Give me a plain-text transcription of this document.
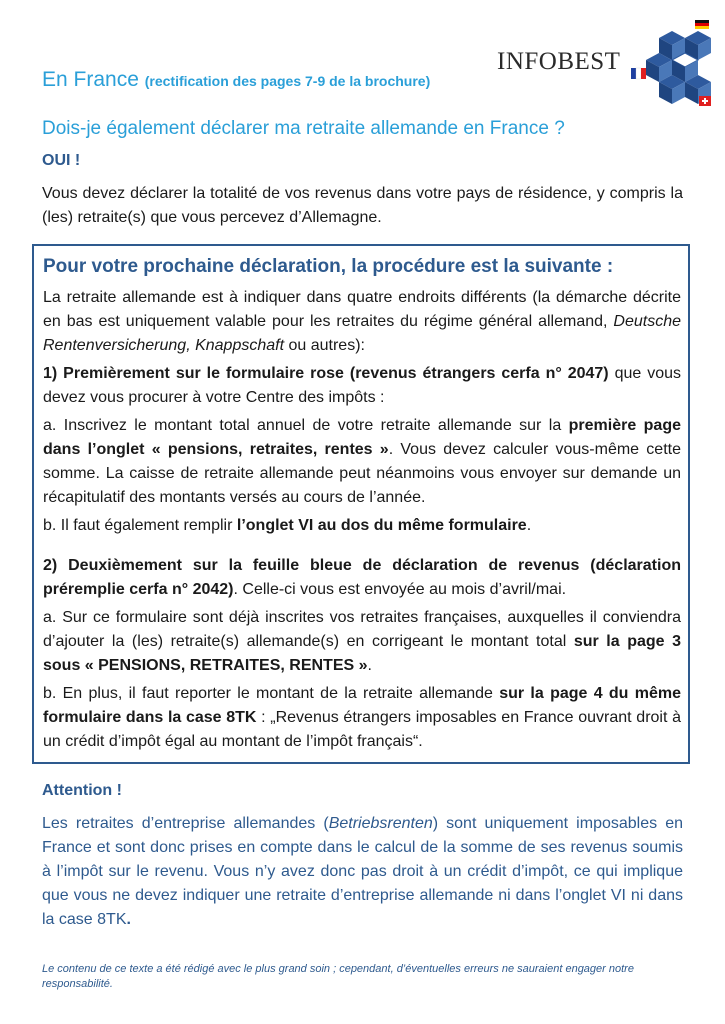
INFOBEST
En France (rectification des pages 7-9 de la brochure)
Dois-je également déclarer ma retraite allemande en France ?
OUI !
Vous devez déclarer la totalité de vos revenus dans votre pays de résidence, y compris la (les) retraite(s) que vous percevez d’Allemagne.
Pour votre prochaine déclaration, la procédure est la suivante :

La retraite allemande est à indiquer dans quatre endroits différents (la démarche décrite en bas est uniquement valable pour les retraites du régime général allemand, Deutsche Rentenversicherung, Knappschaft ou autres):

1) Premièrement sur le formulaire rose (revenus étrangers cerfa n° 2047) que vous devez vous procurer à votre Centre des impôts :

a. Inscrivez le montant total annuel de votre retraite allemande sur la première page dans l’onglet « pensions, retraites, rentes ». Vous devez calculer vous-même cette somme. La caisse de retraite allemande peut néanmoins vous envoyer sur demande un récapitulatif des montants versés au cours de l’année.

b. Il faut également remplir l’onglet VI au dos du même formulaire.

2) Deuxièmement sur la feuille bleue de déclaration de revenus (déclaration préremplie cerfa n° 2042). Celle-ci vous est envoyée au mois d’avril/mai.

a. Sur ce formulaire sont déjà inscrites vos retraites françaises, auxquelles il conviendra d’ajouter la (les) retraite(s) allemande(s) en corrigeant le montant total sur la page 3 sous « PENSIONS, RETRAITES, RENTES ».

b. En plus, il faut reporter le montant de la retraite allemande sur la page 4 du même formulaire dans la case 8TK : „Revenus étrangers imposables en France ouvrant droit à un crédit d’impôt égal au montant de l’impôt français“.

Attention !
Les retraites d’entreprise allemandes (Betriebsrenten) sont uniquement imposables en France et sont donc prises en compte dans le calcul de la somme de ses revenus soumis à l’impôt sur le revenu. Vous n’y avez donc pas droit à un crédit d’impôt, ce qui implique que vous ne devez indiquer une retraite d’entreprise allemande ni dans l’onglet VI ni dans la case 8TK.
Le contenu de ce texte a été rédigé avec le plus grand soin ; cependant, d’éventuelles erreurs ne sauraient engager notre responsabilité.
